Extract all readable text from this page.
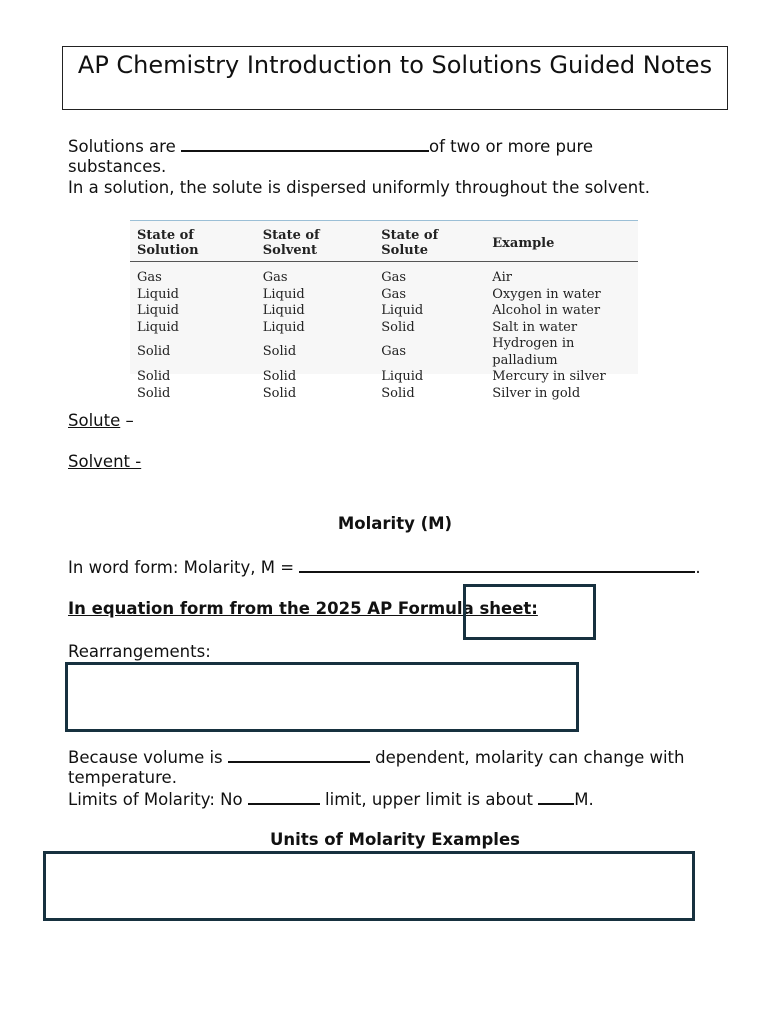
AP Chemistry Introduction to Solutions Guided Notes
Solutions are	of two or more pure
substances.
In a solution, the solute is dispersed uniformly throughout the solvent.
State of Solution	State of Solvent	State of Solute	Example
Gas	Gas	Gas	Air
Liquid	Liquid	Gas	Oxygen in water
Liquid	Liquid	Liquid	Alcohol in water
Liquid	Liquid	Solid	Salt in water
Solid	Solid	Gas	Hydrogen in palladium
Solid	Solid	Liquid	Mercury in silver
Solid	Solid	Solid	Silver in gold
Solute –
Solvent -
Molarity (M)
In word form: Molarity, M =	.
In equation form from the 2025 AP Formula sheet:
Rearrangements:
Because volume is	dependent, molarity can change with
temperature.
Limits of Molarity: No	limit, upper limit is about M.
Units of Molarity Examples
